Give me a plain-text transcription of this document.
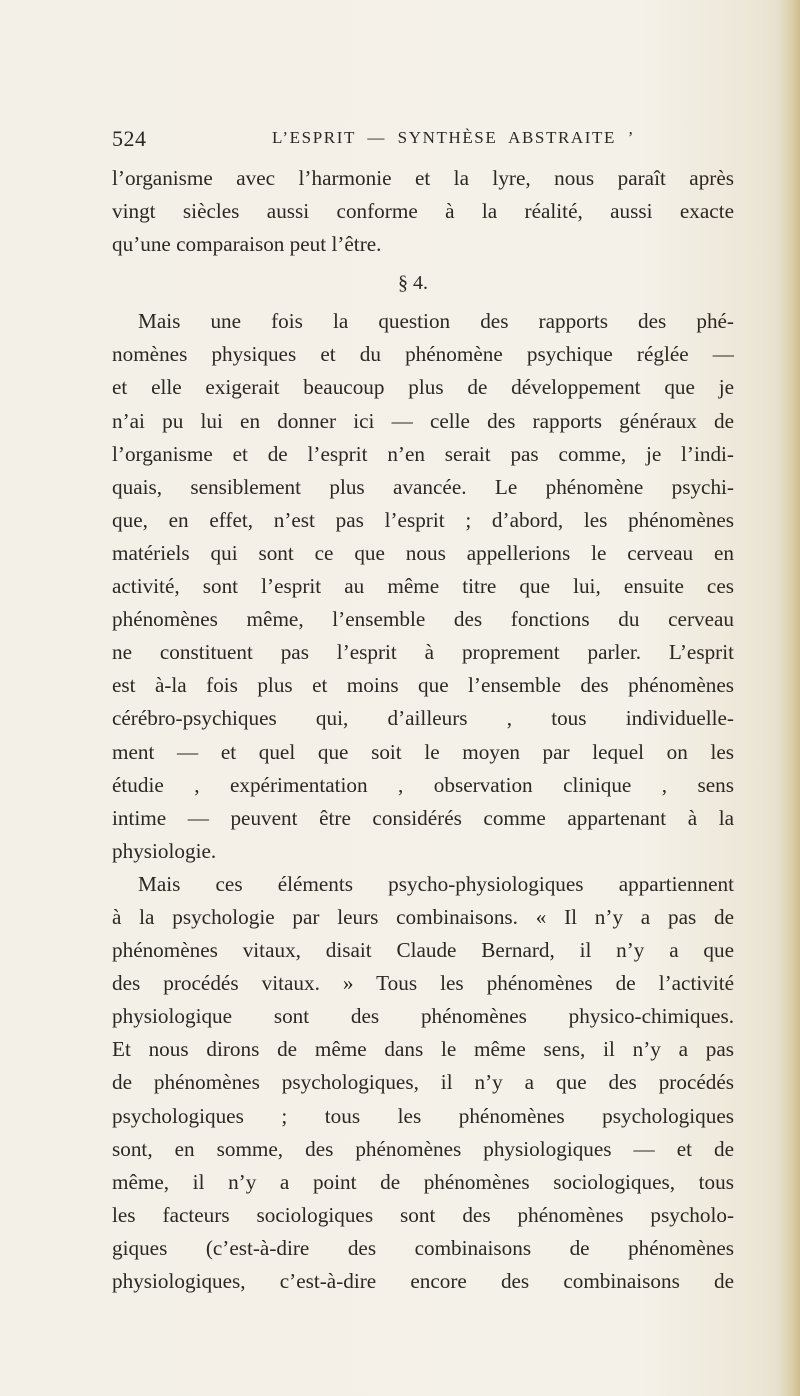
524	L’ESPRIT  —  SYNTHÈSE  ABSTRAITE  ’
l’organisme avec l’harmonie et la lyre, nous paraît après
vingt siècles aussi conforme à la réalité, aussi exacte
qu’une comparaison peut l’être.
§ 4.
Mais une fois la question des rapports des phé-
nomènes physiques et du phénomène psychique réglée —
et elle exigerait beaucoup plus de développement que je
n’ai pu lui en donner ici — celle des rapports généraux de
l’organisme et de l’esprit n’en serait pas comme, je l’indi-
quais, sensiblement plus avancée. Le phénomène psychi-
que, en effet, n’est pas l’esprit ; d’abord, les phénomènes
matériels qui sont ce que nous appellerions le cerveau en
activité, sont l’esprit au même titre que lui, ensuite ces
phénomènes même, l’ensemble des fonctions du cerveau
ne constituent pas l’esprit à proprement parler. L’esprit
est à-la fois plus et moins que l’ensemble des phénomènes
cérébro-psychiques qui, d’ailleurs , tous individuelle-
ment — et quel que soit le moyen par lequel on les
étudie , expérimentation , observation clinique , sens
intime — peuvent être considérés comme appartenant à la
physiologie.
Mais ces éléments psycho-physiologiques appartiennent
à la psychologie par leurs combinaisons. « Il n’y a pas de
phénomènes vitaux, disait Claude Bernard, il n’y a que
des procédés vitaux. » Tous les phénomènes de l’activité
physiologique sont des phénomènes physico-chimiques.
Et nous dirons de même dans le même sens, il n’y a pas
de phénomènes psychologiques, il n’y a que des procédés
psychologiques ; tous les phénomènes psychologiques
sont, en somme, des phénomènes physiologiques — et de
même, il n’y a point de phénomènes sociologiques, tous
les facteurs sociologiques sont des phénomènes psycholo-
giques (c’est-à-dire des combinaisons de phénomènes
physiologiques, c’est-à-dire encore des combinaisons de
